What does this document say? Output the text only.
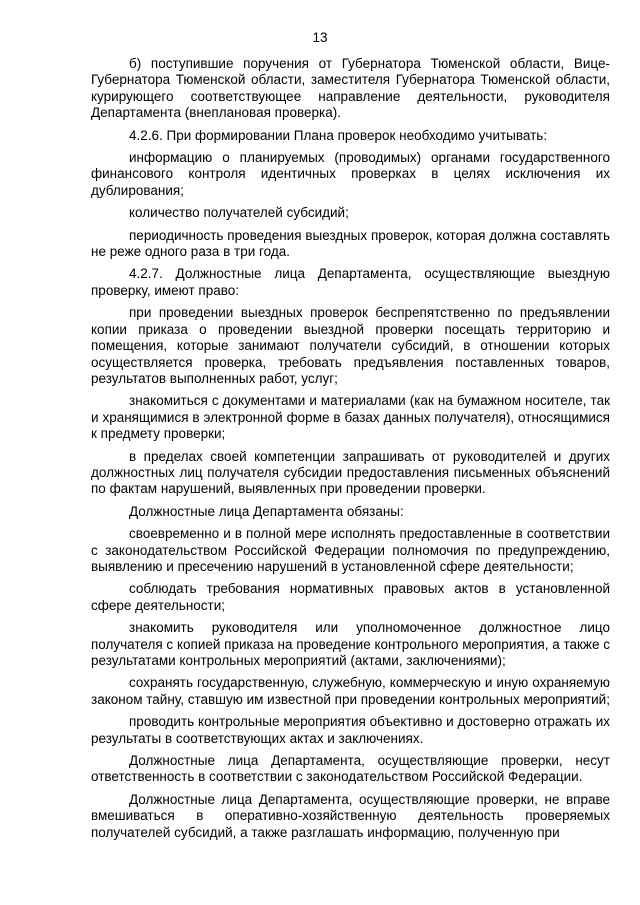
13

б) поступившие поручения от Губернатора Тюменской области, Вице-Губернатора Тюменской области, заместителя Губернатора Тюменской области, курирующего соответствующее направление деятельности, руководителя Департамента (внеплановая проверка).

4.2.6. При формировании Плана проверок необходимо учитывать:

информацию о планируемых (проводимых) органами государственного финансового контроля идентичных проверках в целях исключения их дублирования;

количество получателей субсидий;

периодичность проведения выездных проверок, которая должна составлять не реже одного раза в три года.

4.2.7. Должностные лица Департамента, осуществляющие выездную проверку, имеют право:

при проведении выездных проверок беспрепятственно по предъявлении копии приказа о проведении выездной проверки посещать территорию и помещения, которые занимают получатели субсидий, в отношении которых осуществляется проверка, требовать предъявления поставленных товаров, результатов выполненных работ, услуг;

знакомиться с документами и материалами (как на бумажном носителе, так и хранящимися в электронной форме в базах данных получателя), относящимися к предмету проверки;

в пределах своей компетенции запрашивать от руководителей и других должностных лиц получателя субсидии предоставления письменных объяснений по фактам нарушений, выявленных при проведении проверки.

Должностные лица Департамента обязаны:

своевременно и в полной мере исполнять предоставленные в соответствии с законодательством Российской Федерации полномочия по предупреждению, выявлению и пресечению нарушений в установленной сфере деятельности;

соблюдать требования нормативных правовых актов в установленной сфере деятельности;

знакомить руководителя или уполномоченное должностное лицо получателя с копией приказа на проведение контрольного мероприятия, а также с результатами контрольных мероприятий (актами, заключениями);

сохранять государственную, служебную, коммерческую и иную охраняемую законом тайну, ставшую им известной при проведении контрольных мероприятий;

проводить контрольные мероприятия объективно и достоверно отражать их результаты в соответствующих актах и заключениях.

Должностные лица Департамента, осуществляющие проверки, несут ответственность в соответствии с законодательством Российской Федерации.

Должностные лица Департамента, осуществляющие проверки, не вправе вмешиваться в оперативно-хозяйственную деятельность проверяемых получателей субсидий, а также разглашать информацию, полученную при
